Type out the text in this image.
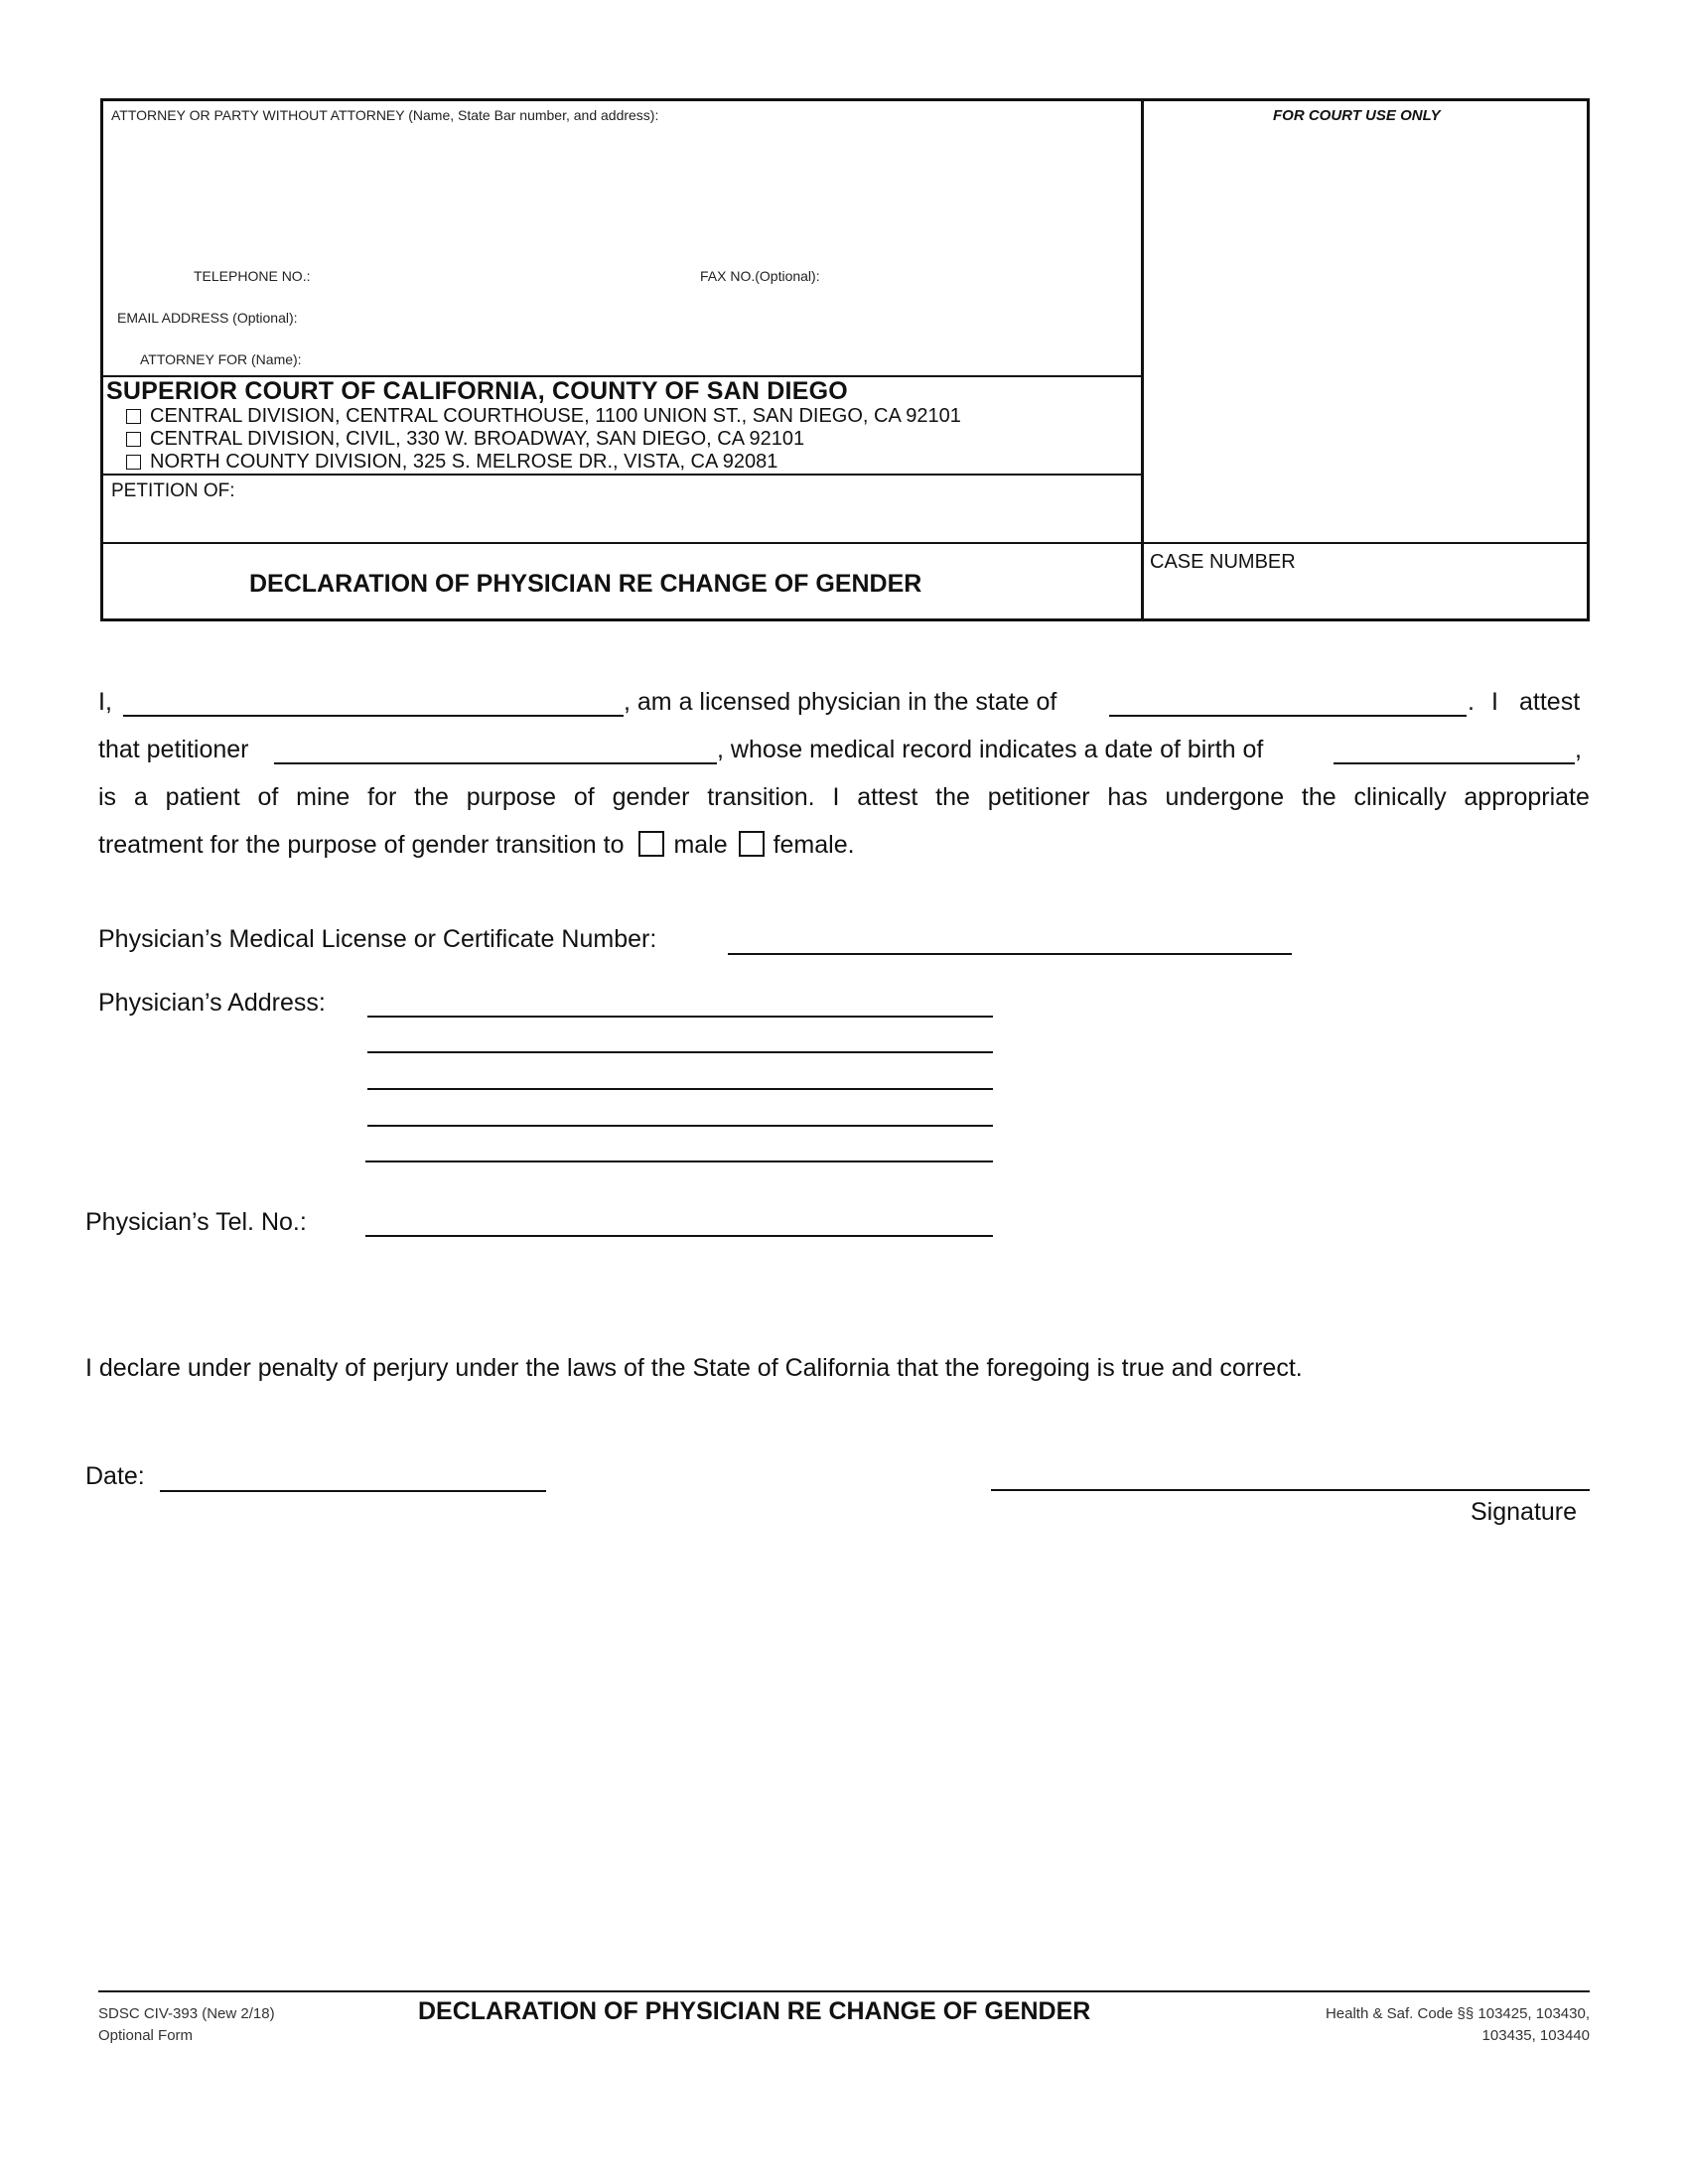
ATTORNEY OR PARTY WITHOUT ATTORNEY (Name, State Bar number, and address):
TELEPHONE NO.:	FAX NO.(Optional):
EMAIL ADDRESS (Optional):
ATTORNEY FOR (Name):
FOR COURT USE ONLY
SUPERIOR COURT OF CALIFORNIA, COUNTY OF SAN DIEGO
CENTRAL DIVISION, CENTRAL COURTHOUSE, 1100 UNION ST., SAN DIEGO, CA 92101
CENTRAL DIVISION, CIVIL, 330 W. BROADWAY, SAN DIEGO, CA 92101
NORTH COUNTY DIVISION, 325 S. MELROSE DR., VISTA, CA 92081
PETITION OF:
DECLARATION OF PHYSICIAN RE CHANGE OF GENDER
CASE NUMBER
I,	, am a licensed physician in the state of	. I attest
that petitioner	, whose medical record indicates a date of birth of	,
is a patient of mine for the purpose of gender transition. I attest the petitioner has undergone the clinically appropriate
treatment for the purpose of gender transition to male female.
Physician’s Medical License or Certificate Number:
Physician’s Address:
Physician’s Tel. No.:
I declare under penalty of perjury under the laws of the State of California that the foregoing is true and correct.
Date:
Signature
SDSC CIV-393 (New 2/18)
Optional Form
DECLARATION OF PHYSICIAN RE CHANGE OF GENDER	Health & Saf. Code §§ 103425, 103430,
103435, 103440
